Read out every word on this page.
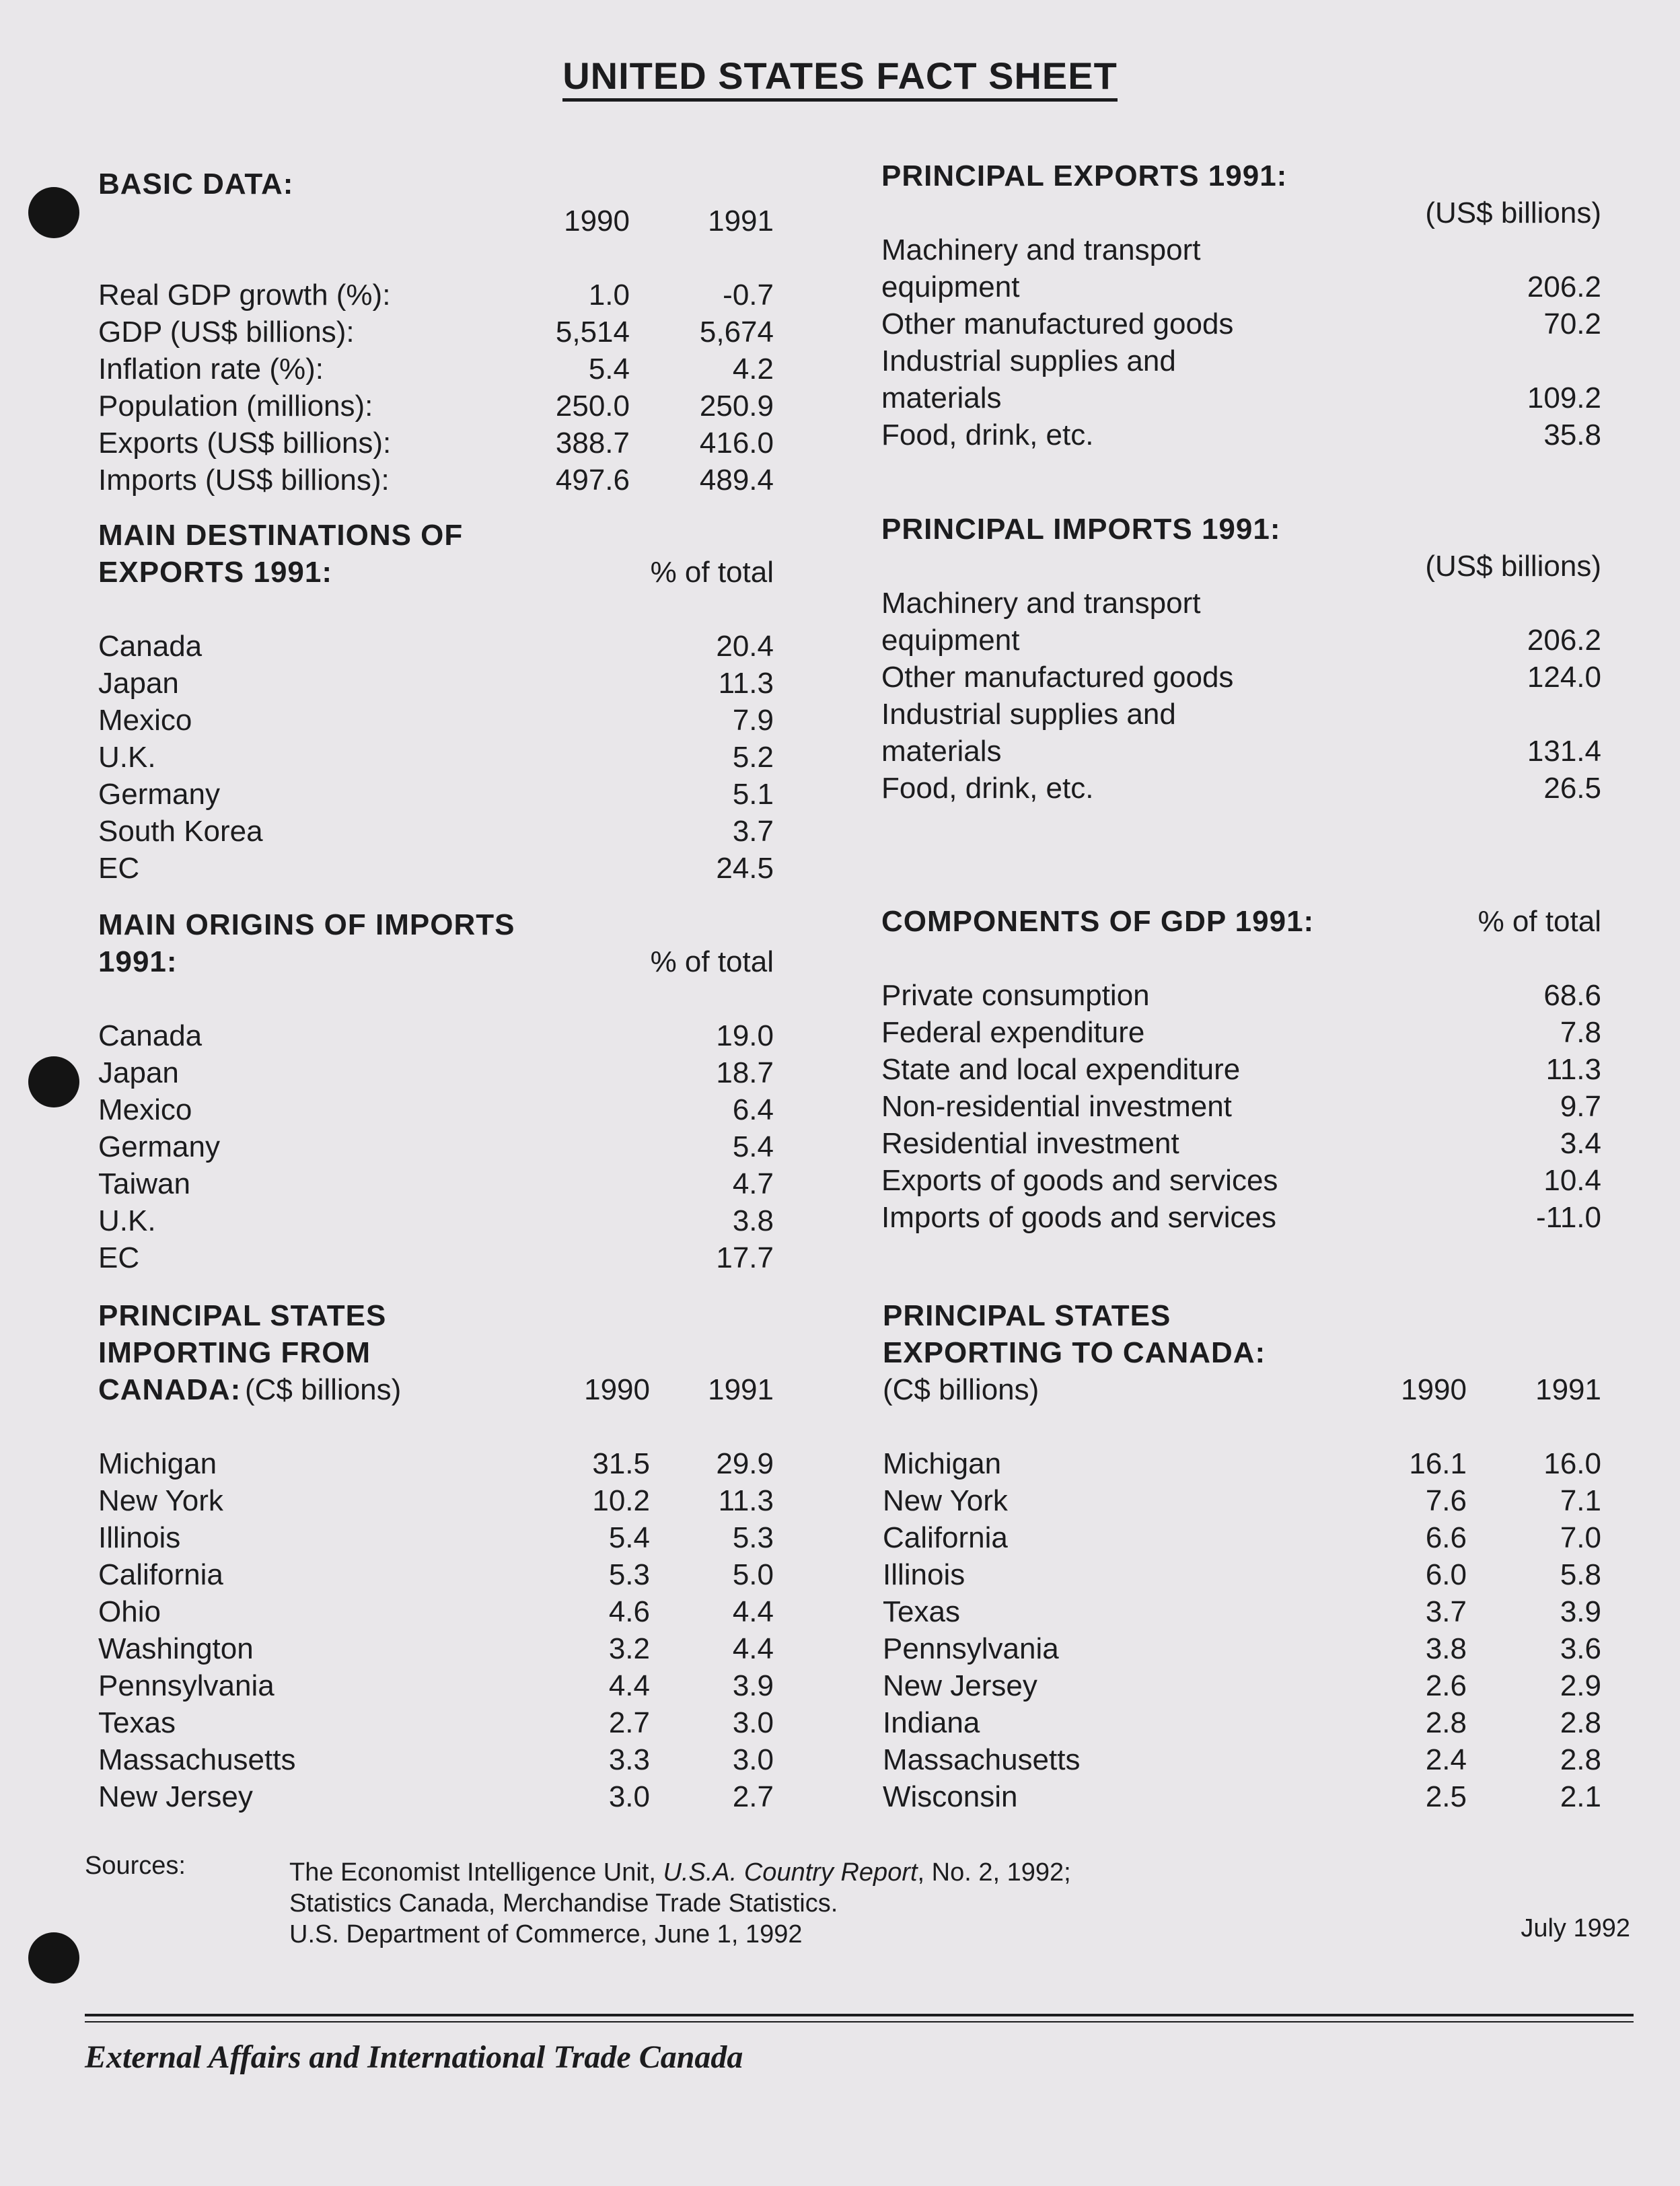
UNITED STATES FACT SHEET
BASIC DATA:
1990	1991
Real GDP growth (%):	1.0	-0.7
GDP (US$ billions):	5,514 5,674
Inflation rate (%):	5.4	4.2
Population (millions):	250.0 250.9
Exports (US$ billions):	388.7 416.0
Imports (US$ billions):	497.6 489.4
MAIN DESTINATIONS OF
EXPORTS 1991:	% of total
Canada	20.4
Japan	11.3
Mexico	7.9
U.K.	5.2
Germany	5.1
South Korea	3.7
EC	24.5
MAIN ORIGINS OF IMPORTS
1991:	% of total
Canada	19.0
Japan	18.7
Mexico	6.4
Germany	5.4
Taiwan	4.7
U.K.	3.8
EC	17.7
PRINCIPAL STATES
IMPORTING FROM
CANADA: (C$ billions)	1990 1991
Michigan	31.5 29.9
New York	10.2 11.3
Illinois	5.4	5.3
California	5.3	5.0
Ohio	4.6	4.4
Washington	3.2	4.4
Pennsylvania	4.4	3.9
Texas	2.7	3.0
Massachusetts	3.3	3.0
New Jersey	3.0	2.7
PRINCIPAL EXPORTS 1991:
(US$ billions)
Machinery and transport
equipment	206.2
Other manufactured goods	70.2
Industrial supplies and
materials	109.2
Food, drink, etc.	35.8
PRINCIPAL IMPORTS 1991:
(US$ billions)
Machinery and transport
equipment	206.2
Other manufactured goods	124.0
Industrial supplies and
materials	131.4
Food, drink, etc.	26.5
COMPONENTS OF GDP 1991:	% of total
Private consumption	68.6
Federal expenditure	7.8
State and local expenditure	11.3
Non-residential investment	9.7
Residential investment	3.4
Exports of goods and services	10.4
Imports of goods and services	-11.0
PRINCIPAL STATES
EXPORTING TO CANADA:
(C$ billions)	1990 1991
Michigan	16.1	16.0
New York	7.6	7.1
California	6.6	7.0
Illinois	6.0	5.8
Texas	3.7	3.9
Pennsylvania	3.8	3.6
New Jersey	2.6	2.9
Indiana	2.8	2.8
Massachusetts	2.4	2.8
Wisconsin	2.5	2.1
Sources:	The Economist Intelligence Unit, U.S.A. Country Report, No. 2, 1992;
Statistics Canada, Merchandise Trade Statistics.
U.S. Department of Commerce, June 1, 1992	July 1992
External Affairs and International Trade Canada
